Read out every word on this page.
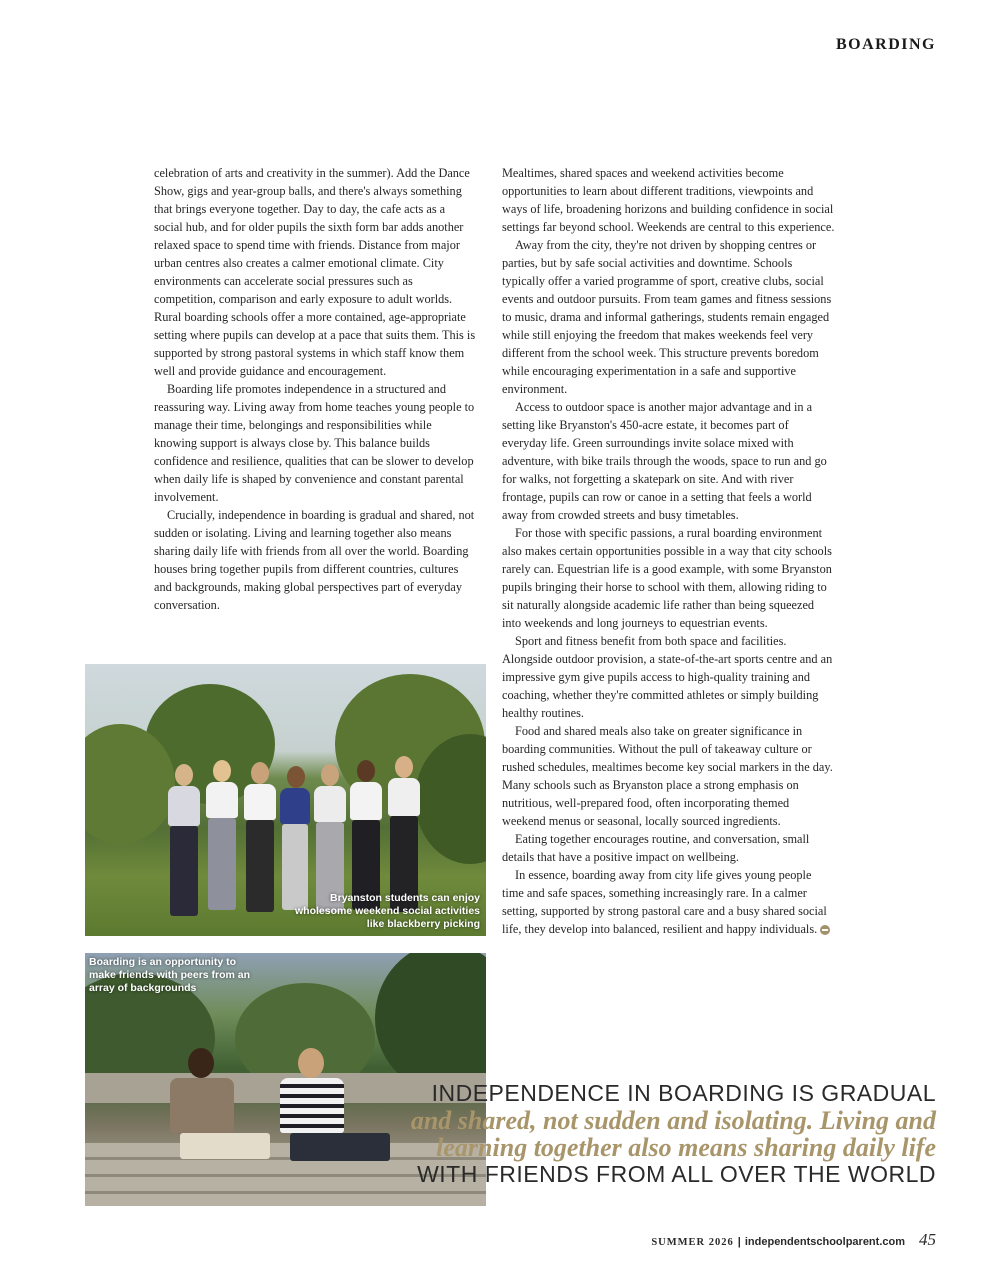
BOARDING

celebration of arts and creativity in the summer). Add the Dance Show, gigs and year-group balls, and there's always something that brings everyone together. Day to day, the cafe acts as a social hub, and for older pupils the sixth form bar adds another relaxed space to spend time with friends. Distance from major urban centres also creates a calmer emotional climate. City environments can accelerate social pressures such as competition, comparison and early exposure to adult worlds. Rural boarding schools offer a more contained, age-appropriate setting where pupils can develop at a pace that suits them. This is supported by strong pastoral systems in which staff know them well and provide guidance and encouragement.

Boarding life promotes independence in a structured and reassuring way. Living away from home teaches young people to manage their time, belongings and responsibilities while knowing support is always close by. This balance builds confidence and resilience, qualities that can be slower to develop when daily life is shaped by convenience and constant parental involvement.

Crucially, independence in boarding is gradual and shared, not sudden or isolating. Living and learning together also means sharing daily life with friends from all over the world. Boarding houses bring together pupils from different countries, cultures and backgrounds, making global perspectives part of everyday conversation.

Mealtimes, shared spaces and weekend activities become opportunities to learn about different traditions, viewpoints and ways of life, broadening horizons and building confidence in social settings far beyond school. Weekends are central to this experience.

Away from the city, they're not driven by shopping centres or parties, but by safe social activities and downtime. Schools typically offer a varied programme of sport, creative clubs, social events and outdoor pursuits. From team games and fitness sessions to music, drama and informal gatherings, students remain engaged while still enjoying the freedom that makes weekends feel very different from the school week. This structure prevents boredom while encouraging experimentation in a safe and supportive environment.

Access to outdoor space is another major advantage and in a setting like Bryanston's 450-acre estate, it becomes part of everyday life. Green surroundings invite solace mixed with adventure, with bike trails through the woods, space to run and go for walks, not forgetting a skatepark on site. And with river frontage, pupils can row or canoe in a setting that feels a world away from crowded streets and busy timetables.

For those with specific passions, a rural boarding environment also makes certain opportunities possible in a way that city schools rarely can. Equestrian life is a good example, with some Bryanston pupils bringing their horse to school with them, allowing riding to sit naturally alongside academic life rather than being squeezed into weekends and long journeys to equestrian events.

Sport and fitness benefit from both space and facilities. Alongside outdoor provision, a state-of-the-art sports centre and an impressive gym give pupils access to high-quality training and coaching, whether they're committed athletes or simply building healthy routines.

Food and shared meals also take on greater significance in boarding communities. Without the pull of takeaway culture or rushed schedules, mealtimes become key social markers in the day. Many schools such as Bryanston place a strong emphasis on nutritious, well-prepared food, often incorporating themed weekend menus or seasonal, locally sourced ingredients.

Eating together encourages routine, and conversation, small details that have a positive impact on wellbeing.

In essence, boarding away from city life gives young people time and safe spaces, something increasingly rare. In a calmer setting, supported by strong pastoral care and a busy shared social life, they develop into balanced, resilient and happy individuals.

Bryanston students can enjoy wholesome weekend social activities like blackberry picking
Boarding is an opportunity to make friends with peers from an array of backgrounds
INDEPENDENCE IN BOARDING IS GRADUAL
and shared, not sudden and isolating. Living and
learning together also means sharing daily life
WITH FRIENDS FROM ALL OVER THE WORLD
SUMMER 2026 | independentschoolparent.com 45
